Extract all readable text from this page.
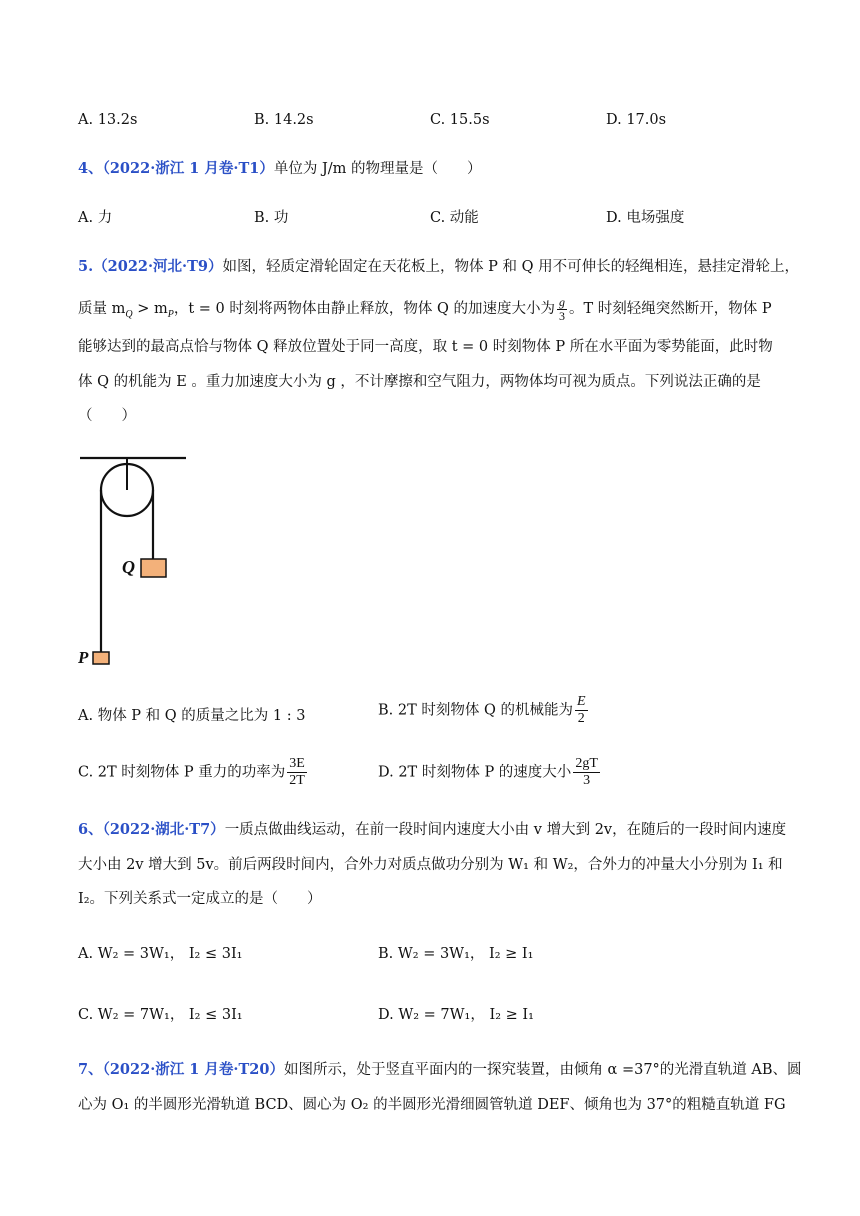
A. 13.2s	B. 14.2s	C. 15.5s	D. 17.0s
4、（2022·浙江 1 月卷·T1）单位为 J/m 的物理量是（　　）
A. 力	B. 功	C. 动能	D. 电场强度
5.（2022·河北·T9）如图，轻质定滑轮固定在天花板上，物体 P 和 Q 用不可伸长的轻绳相连，悬挂定滑轮上，
质量 $m_Q > m_P$，t = 0 时刻将两物体由静止释放，物体 Q 的加速度大小为 $\frac{g}{3}$ 。T 时刻轻绳突然断开，物体 P
能够达到的最高点恰与物体 Q 释放位置处于同一高度，取 t = 0 时刻物体 P 所在水平面为零势能面，此时物
体 Q 的机能为 E 。重力加速度大小为 g ，不计摩擦和空气阻力，两物体均可视为质点。下列说法正确的是
（　　）
Q
P
A. 物体 P 和 Q 的质量之比为 1 : 3	B. 2T 时刻物体 Q 的机械能为 $\frac{E}{2}$
C. 2T 时刻物体 P 重力的功率为 $\frac{3E}{2T}$	D. 2T 时刻物体 P 的速度大小 $\frac{2gT}{3}$
6、（2022·湖北·T7）一质点做曲线运动，在前一段时间内速度大小由 v 增大到 2v，在随后的一段时间内速度
大小由 2v 增大到 5v。前后两段时间内，合外力对质点做功分别为 W₁ 和 W₂，合外力的冲量大小分别为 I₁ 和
I₂。下列关系式一定成立的是（　　）
A. W₂ = 3W₁， I₂ ≤ 3I₁	B. W₂ = 3W₁， I₂ ≥ I₁
C. W₂ = 7W₁， I₂ ≤ 3I₁	D. W₂ = 7W₁， I₂ ≥ I₁
7、（2022·浙江 1 月卷·T20）如图所示，处于竖直平面内的一探究装置，由倾角 α =37°的光滑直轨道 AB、圆
心为 O₁ 的半圆形光滑轨道 BCD、圆心为 O₂ 的半圆形光滑细圆管轨道 DEF、倾角也为 37°的粗糙直轨道 FG
